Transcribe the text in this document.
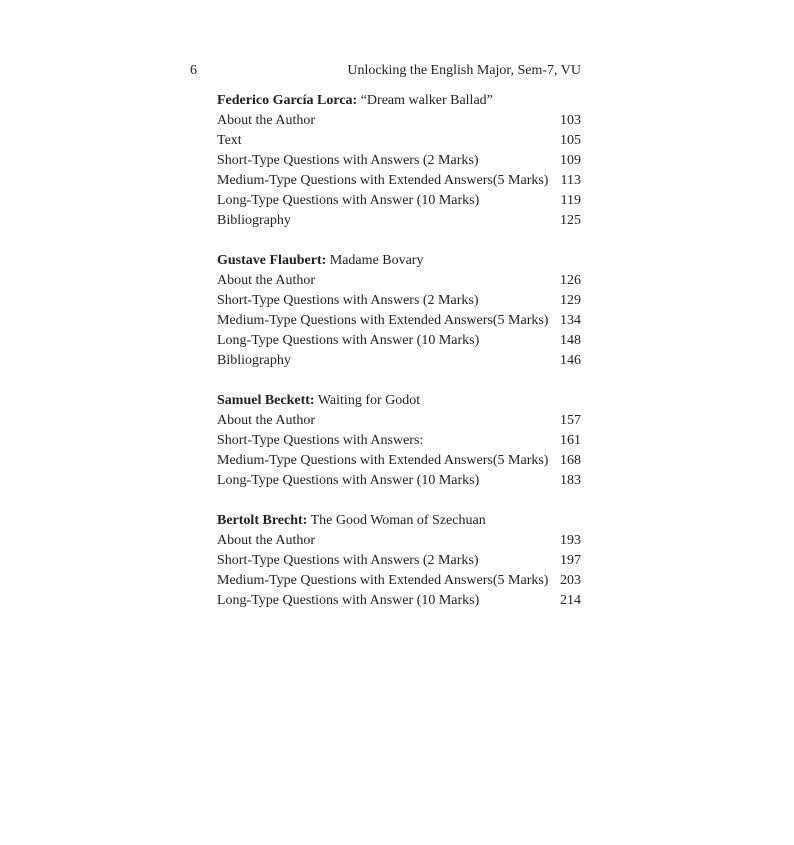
6	Unlocking the English Major, Sem-7, VU
Federico García Lorca: “Dream walker Ballad”
About the Author	103
Text	105
Short-Type Questions with Answers (2 Marks)	109
Medium-Type Questions with Extended Answers(5 Marks) 113
Long-Type Questions with Answer (10 Marks)	119
Bibliography	125
Gustave Flaubert: Madame Bovary
About the Author	126
Short-Type Questions with Answers (2 Marks)	129
Medium-Type Questions with Extended Answers(5 Marks) 134
Long-Type Questions with Answer (10 Marks)	148
Bibliography	146
Samuel Beckett: Waiting for Godot
About the Author	157
Short-Type Questions with Answers:	161
Medium-Type Questions with Extended Answers(5 Marks) 168
Long-Type Questions with Answer (10 Marks)	183
Bertolt Brecht: The Good Woman of Szechuan
About the Author	193
Short-Type Questions with Answers (2 Marks)	197
Medium-Type Questions with Extended Answers(5 Marks) 203
Long-Type Questions with Answer (10 Marks)	214
